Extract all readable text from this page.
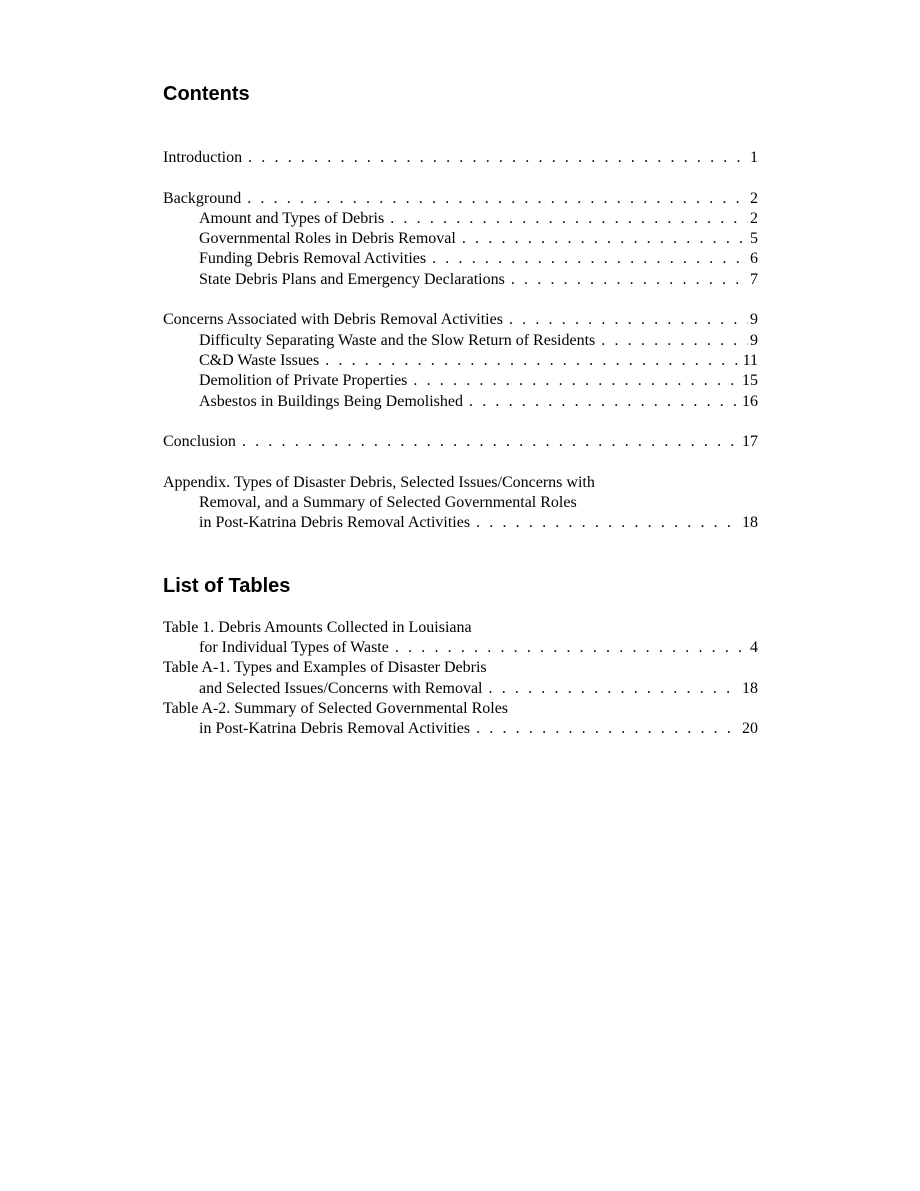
Contents
Introduction . . .	1
Background . . .	2
Amount and Types of Debris . . .	2
Governmental Roles in Debris Removal . . .	5
Funding Debris Removal Activities . . .	6
State Debris Plans and Emergency Declarations . . .	7
Concerns Associated with Debris Removal Activities . . .	9
Difficulty Separating Waste and the Slow Return of Residents . . .	9
C&D Waste Issues . . .	11
Demolition of Private Properties . . .	15
Asbestos in Buildings Being Demolished . . .	16
Conclusion . . .	17
Appendix. Types of Disaster Debris, Selected Issues/Concerns with
Removal, and a Summary of Selected Governmental Roles
in Post-Katrina Debris Removal Activities . . .	18
List of Tables
Table 1. Debris Amounts Collected in Louisiana
for Individual Types of Waste . . .	4
Table A-1. Types and Examples of Disaster Debris
and Selected Issues/Concerns with Removal . . .	18
Table A-2. Summary of Selected Governmental Roles
in Post-Katrina Debris Removal Activities . . .	20
